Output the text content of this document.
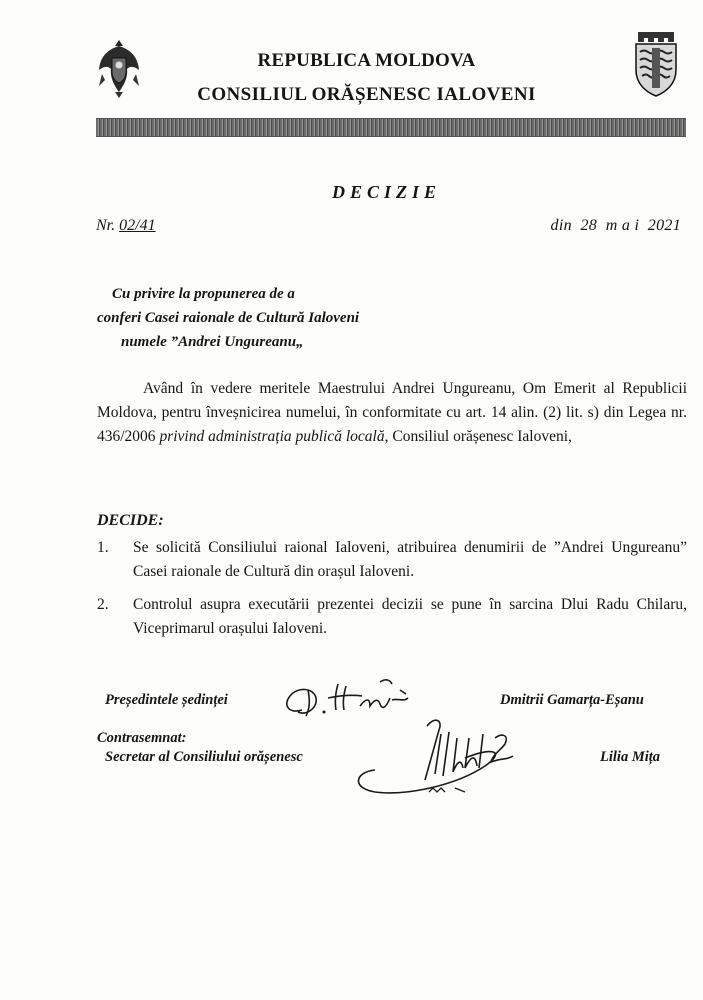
REPUBLICA MOLDOVA
CONSILIUL ORĂȘENESC IALOVENI
DECIZIE
Nr. 02/41	din  28  m a i  2021
Cu privire la propunerea de a
conferi Casei raionale de Cultură Ialoveni
numele ”Andrei Ungureanu„
Având în vedere meritele Maestrului Andrei Ungureanu, Om Emerit al Republicii Moldova, pentru înveșnicirea numelui, în conformitate cu art. 14 alin. (2) lit. s) din Legea nr. 436/2006 privind administrația publică locală, Consiliul orășenesc Ialoveni,
DECIDE:
1. Se solicită Consiliului raional Ialoveni, atribuirea denumirii de ”Andrei Ungureanu” Casei raionale de Cultură din orașul Ialoveni.
2. Controlul asupra executării prezentei decizii se pune în sarcina Dlui Radu Chilaru, Viceprimarul orașului Ialoveni.
Președintele ședinței	Dmitrii Gamarța-Eșanu
Contrasemnat:
Secretar al Consiliului orășenesc	Lilia Mița
